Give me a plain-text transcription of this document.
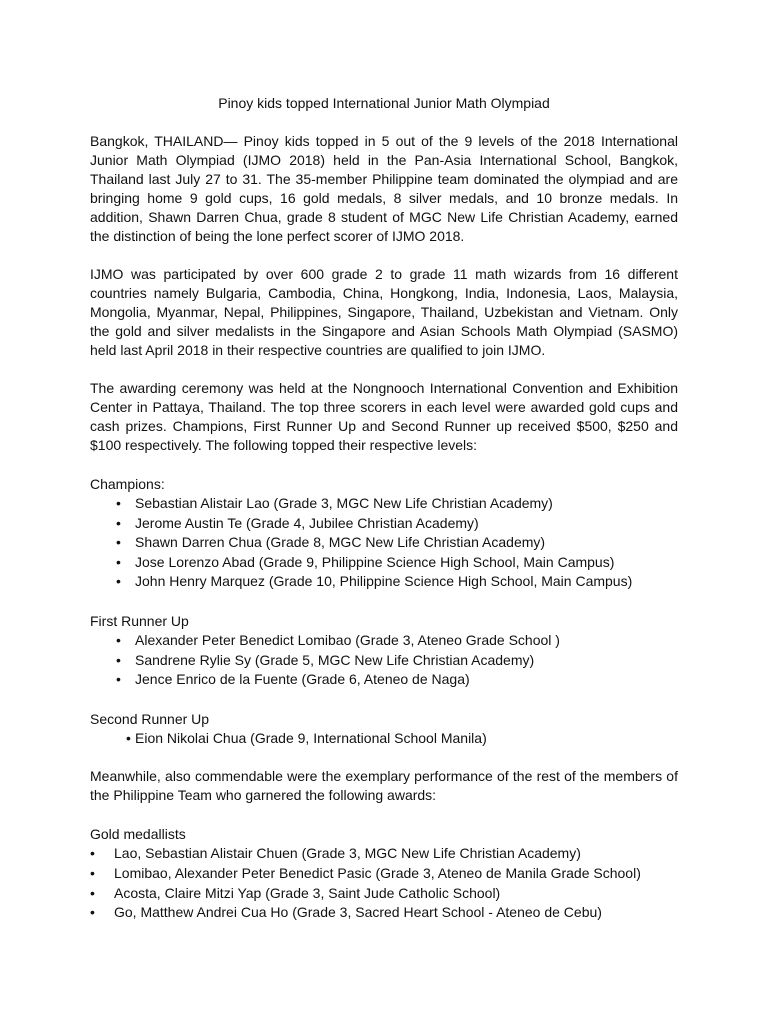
Pinoy kids topped International Junior Math Olympiad

Bangkok, THAILAND— Pinoy kids topped in 5 out of the 9 levels of the 2018 International Junior Math Olympiad (IJMO 2018) held in the Pan-Asia International School, Bangkok, Thailand last July 27 to 31. The 35-member Philippine team dominated the olympiad and are bringing home 9 gold cups, 16 gold medals, 8 silver medals, and 10 bronze medals. In addition, Shawn Darren Chua, grade 8 student of MGC New Life Christian Academy, earned the distinction of being the lone perfect scorer of IJMO 2018.

IJMO was participated by over 600 grade 2 to grade 11 math wizards from 16 different countries namely Bulgaria, Cambodia, China, Hongkong, India, Indonesia, Laos, Malaysia, Mongolia, Myanmar, Nepal, Philippines, Singapore, Thailand, Uzbekistan and Vietnam. Only the gold and silver medalists in the Singapore and Asian Schools Math Olympiad (SASMO) held last April 2018 in their respective countries are qualified to join IJMO.

The awarding ceremony was held at the Nongnooch International Convention and Exhibition Center in Pattaya, Thailand. The top three scorers in each level were awarded gold cups and cash prizes. Champions, First Runner Up and Second Runner up received $500, $250 and $100 respectively. The following topped their respective levels:

Champions:
• Sebastian Alistair Lao (Grade 3, MGC New Life Christian Academy)
• Jerome Austin Te (Grade 4, Jubilee Christian Academy)
• Shawn Darren Chua (Grade 8, MGC New Life Christian Academy)
• Jose Lorenzo Abad (Grade 9, Philippine Science High School, Main Campus)
• John Henry Marquez (Grade 10, Philippine Science High School, Main Campus)
First Runner Up
• Alexander Peter Benedict Lomibao (Grade 3, Ateneo Grade School )
• Sandrene Rylie Sy (Grade 5, MGC New Life Christian Academy)
• Jence Enrico de la Fuente (Grade 6, Ateneo de Naga)
Second Runner Up
• Eion Nikolai Chua (Grade 9, International School Manila)

Meanwhile, also commendable were the exemplary performance of the rest of the members of the Philippine Team who garnered the following awards:

Gold medallists
• Lao, Sebastian Alistair Chuen (Grade 3, MGC New Life Christian Academy)
• Lomibao, Alexander Peter Benedict Pasic (Grade 3, Ateneo de Manila Grade School)
• Acosta, Claire Mitzi Yap (Grade 3, Saint Jude Catholic School)
• Go, Matthew Andrei Cua Ho (Grade 3, Sacred Heart School - Ateneo de Cebu)
